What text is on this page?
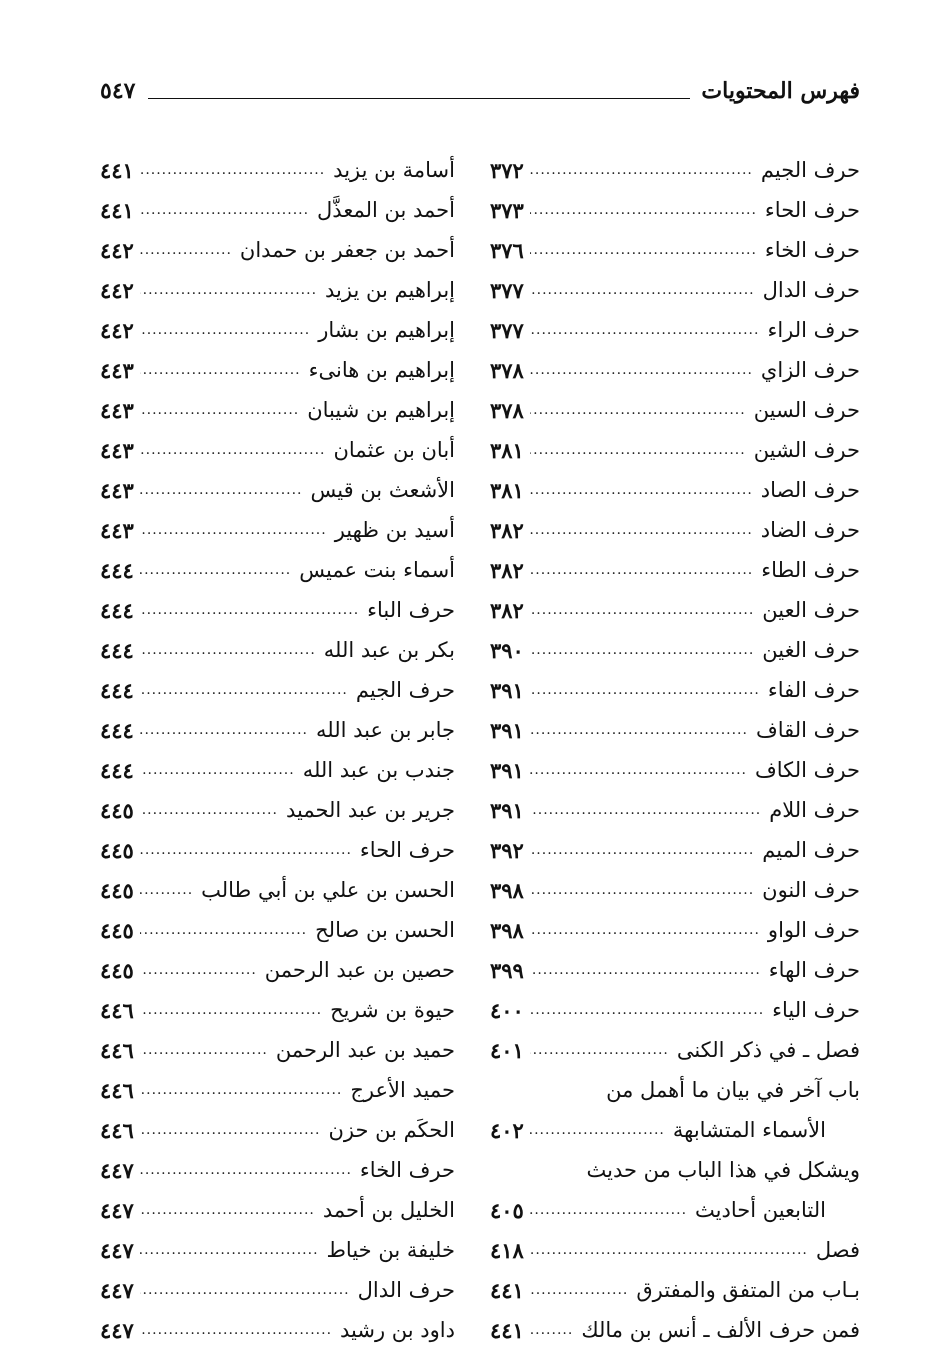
فهرس المحتويات
٥٤٧
حرف الجيم
.....
٣٧٢
حرف الحاء
.....
٣٧٣
حرف الخاء
.....
٣٧٦
حرف الدال
.....
٣٧٧
حرف الراء
.....
٣٧٧
حرف الزاي
.....
٣٧٨
حرف السين
.....
٣٧٨
حرف الشين
.....
٣٨١
حرف الصاد
.....
٣٨١
حرف الضاد
.....
٣٨٢
حرف الطاء
.....
٣٨٢
حرف العين
.....
٣٨٢
حرف الغين
.....
٣٩٠
حرف الفاء
.....
٣٩١
حرف القاف
.....
٣٩١
حرف الكاف
.....
٣٩١
حرف اللام
.....
٣٩١
حرف الميم
.....
٣٩٢
حرف النون
.....
٣٩٨
حرف الواو
.....
٣٩٨
حرف الهاء
.....
٣٩٩
حرف الياء
.....
٤٠٠
فصل ـ في ذكر الكنى
.....
٤٠١
باب آخر في بيان ما أهمل من
الأسماء المتشابهة
.....
٤٠٢
ويشكل في هذا الباب من حديث
التابعين أحاديث
.....
٤٠٥
فصل
.....
٤١٨
بـاب من المتفق والمفترق
.....
٤٤١
فمن حرف الألف ـ أنس بن مالك
.....
٤٤١
أسامة بن يزيد
.....
٤٤١
أحمد بن المعذَّل
.....
٤٤١
أحمد بن جعفر بن حمدان
.....
٤٤٢
إبراهيم بن يزيد
.....
٤٤٢
إبراهيم بن بشار
.....
٤٤٢
إبراهيم بن هانىء
.....
٤٤٣
إبراهيم بن شيبان
.....
٤٤٣
أبان بن عثمان
.....
٤٤٣
الأشعث بن قيس
.....
٤٤٣
أسيد بن ظهير
.....
٤٤٣
أسماء بنت عميس
.....
٤٤٤
حرف الباء
.....
٤٤٤
بكر بن عبد الله
.....
٤٤٤
حرف الجيم
.....
٤٤٤
جابر بن عبد الله
.....
٤٤٤
جندب بن عبد الله
.....
٤٤٤
جرير بن عبد الحميد
.....
٤٤٥
حرف الحاء
.....
٤٤٥
الحسن بن علي بن أبي طالب
.....
٤٤٥
الحسن بن صالح
.....
٤٤٥
حصين بن عبد الرحمن
.....
٤٤٥
حيوة بن شريح
.....
٤٤٦
حميد بن عبد الرحمن
.....
٤٤٦
حميد الأعرج
.....
٤٤٦
الحكَم بن حزن
.....
٤٤٦
حرف الخاء
.....
٤٤٧
الخليل بن أحمد
.....
٤٤٧
خليفة بن خياط
.....
٤٤٧
حرف الدال
.....
٤٤٧
داود بن رشيد
.....
٤٤٧
